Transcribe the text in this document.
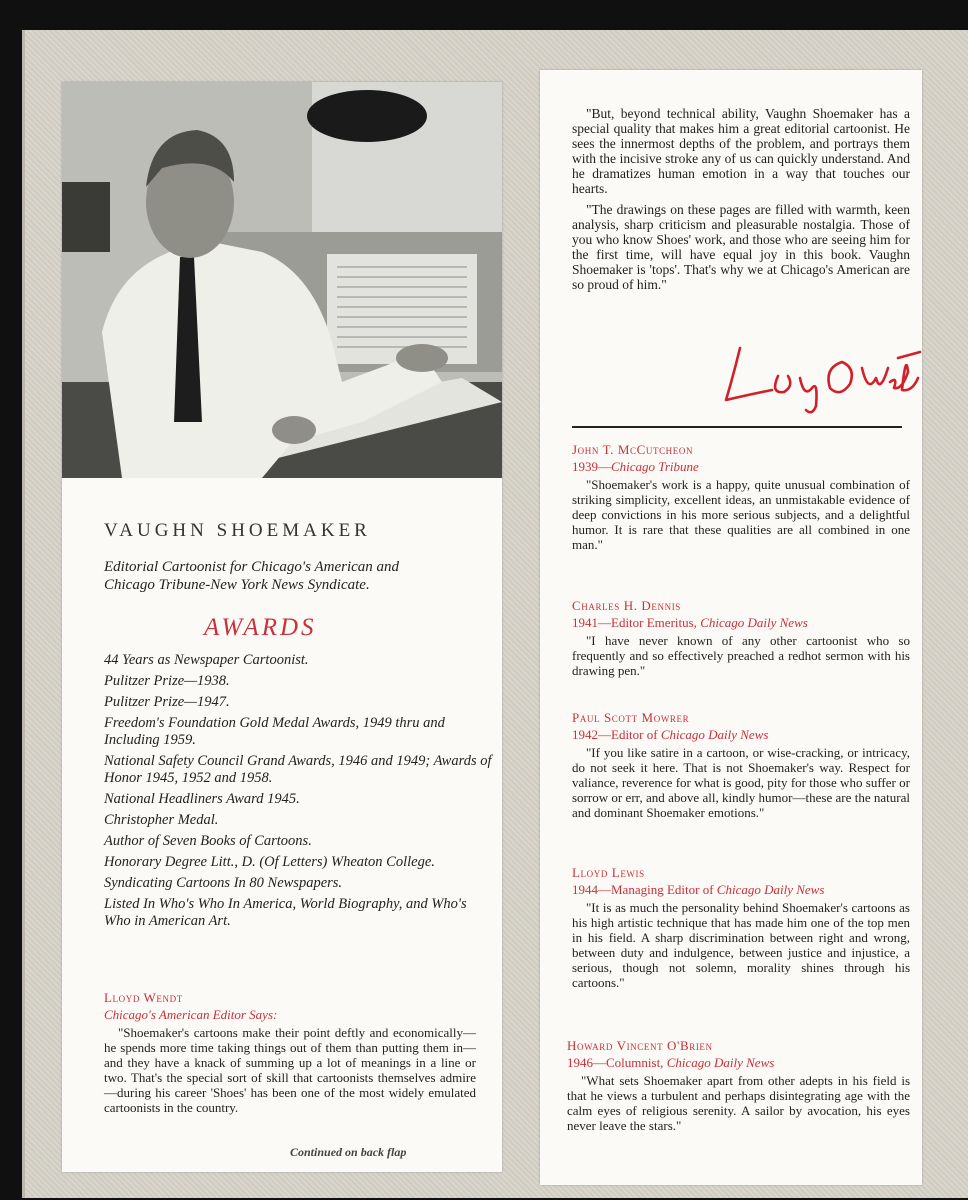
VAUGHN SHOEMAKER
Editorial Cartoonist for Chicago's American and
Chicago Tribune-New York News Syndicate.
AWARDS
44 Years as Newspaper Cartoonist.
Pulitzer Prize—1938.
Pulitzer Prize—1947.
Freedom's Foundation Gold Medal Awards, 1949 thru and Including 1959.
National Safety Council Grand Awards, 1946 and 1949; Awards of Honor 1945, 1952 and 1958.
National Headliners Award 1945.
Christopher Medal.
Author of Seven Books of Cartoons.
Honorary Degree Litt., D. (Of Letters) Wheaton College.
Syndicating Cartoons In 80 Newspapers.
Listed In Who's Who In America, World Biography, and Who's Who in American Art.
Lloyd Wendt
Chicago's American Editor Says:
"Shoemaker's cartoons make their point deftly and economically—he spends more time taking things out of them than putting them in—and they have a knack of summing up a lot of meanings in a line or two. That's the special sort of skill that cartoonists themselves admire—during his career 'Shoes' has been one of the most widely emulated cartoonists in the country.
Continued on back flap

"But, beyond technical ability, Vaughn Shoemaker has a special quality that makes him a great editorial cartoonist. He sees the innermost depths of the problem, and portrays them with the incisive stroke any of us can quickly understand. And he dramatizes human emotion in a way that touches our hearts.

"The drawings on these pages are filled with warmth, keen analysis, sharp criticism and pleasurable nostalgia. Those of you who know Shoes' work, and those who are seeing him for the first time, will have equal joy in this book. Vaughn Shoemaker is 'tops'. That's why we at Chicago's American are so proud of him."

John T. McCutcheon
1939—Chicago Tribune
"Shoemaker's work is a happy, quite unusual combination of striking simplicity, excellent ideas, an unmistakable evidence of deep convictions in his more serious subjects, and a delightful humor. It is rare that these qualities are all combined in one man."
Charles H. Dennis
1941—Editor Emeritus, Chicago Daily News
"I have never known of any other cartoonist who so frequently and so effectively preached a redhot sermon with his drawing pen."
Paul Scott Mowrer
1942—Editor of Chicago Daily News
"If you like satire in a cartoon, or wise-cracking, or intricacy, do not seek it here. That is not Shoemaker's way. Respect for valiance, reverence for what is good, pity for those who suffer or sorrow or err, and above all, kindly humor—these are the natural and dominant Shoemaker emotions."
Lloyd Lewis
1944—Managing Editor of Chicago Daily News
"It is as much the personality behind Shoemaker's cartoons as his high artistic technique that has made him one of the top men in his field. A sharp discrimination between right and wrong, between duty and indulgence, between justice and injustice, a serious, though not solemn, morality shines through his cartoons."
Howard Vincent O'Brien
1946—Columnist, Chicago Daily News
"What sets Shoemaker apart from other adepts in his field is that he views a turbulent and perhaps disintegrating age with the calm eyes of religious serenity. A sailor by avocation, his eyes never leave the stars."
